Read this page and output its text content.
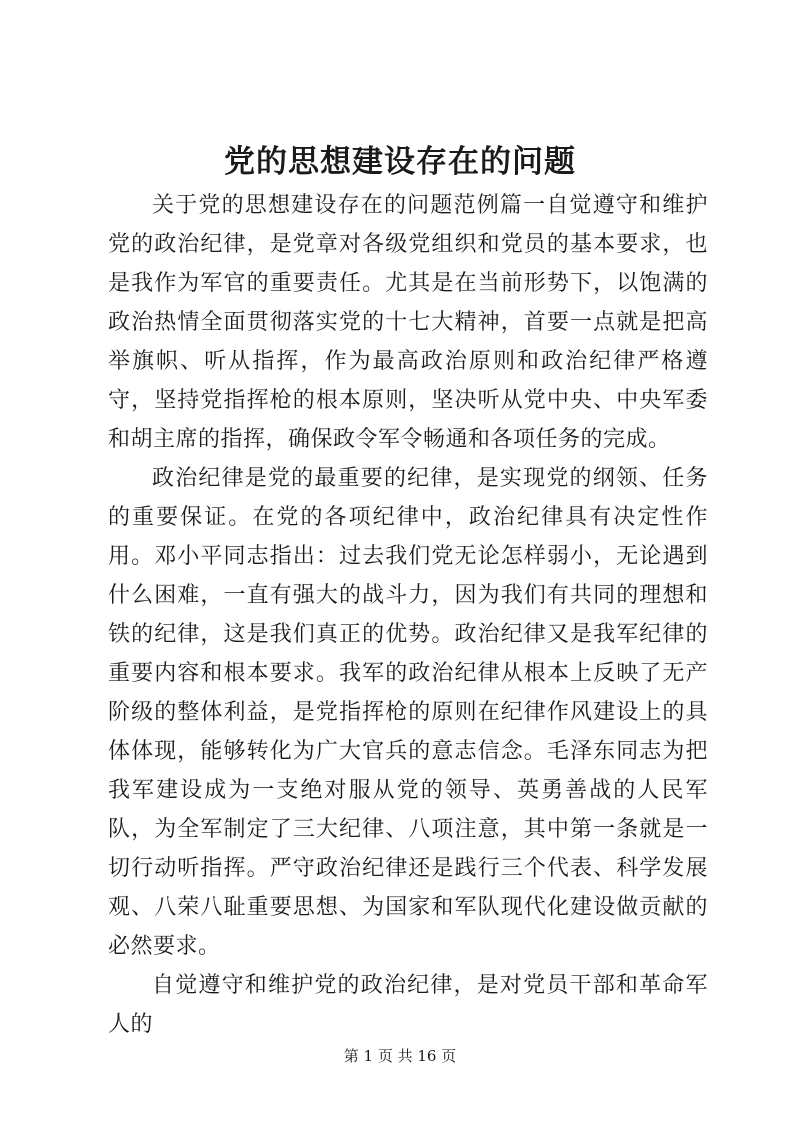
党的思想建设存在的问题

关于党的思想建设存在的问题范例篇一自觉遵守和维护党的政治纪律，是党章对各级党组织和党员的基本要求，也是我作为军官的重要责任。尤其是在当前形势下，以饱满的政治热情全面贯彻落实党的十七大精神，首要一点就是把高举旗帜、听从指挥，作为最高政治原则和政治纪律严格遵守，坚持党指挥枪的根本原则，坚决听从党中央、中央军委和胡主席的指挥，确保政令军令畅通和各项任务的完成。

政治纪律是党的最重要的纪律，是实现党的纲领、任务的重要保证。在党的各项纪律中，政治纪律具有决定性作用。邓小平同志指出：过去我们党无论怎样弱小，无论遇到什么困难，一直有强大的战斗力，因为我们有共同的理想和铁的纪律，这是我们真正的优势。政治纪律又是我军纪律的重要内容和根本要求。我军的政治纪律从根本上反映了无产阶级的整体利益，是党指挥枪的原则在纪律作风建设上的具体体现，能够转化为广大官兵的意志信念。毛泽东同志为把我军建设成为一支绝对服从党的领导、英勇善战的人民军队，为全军制定了三大纪律、八项注意，其中第一条就是一切行动听指挥。严守政治纪律还是践行三个代表、科学发展观、八荣八耻重要思想、为国家和军队现代化建设做贡献的必然要求。

自觉遵守和维护党的政治纪律，是对党员干部和革命军人的

第 1 页 共 16 页
